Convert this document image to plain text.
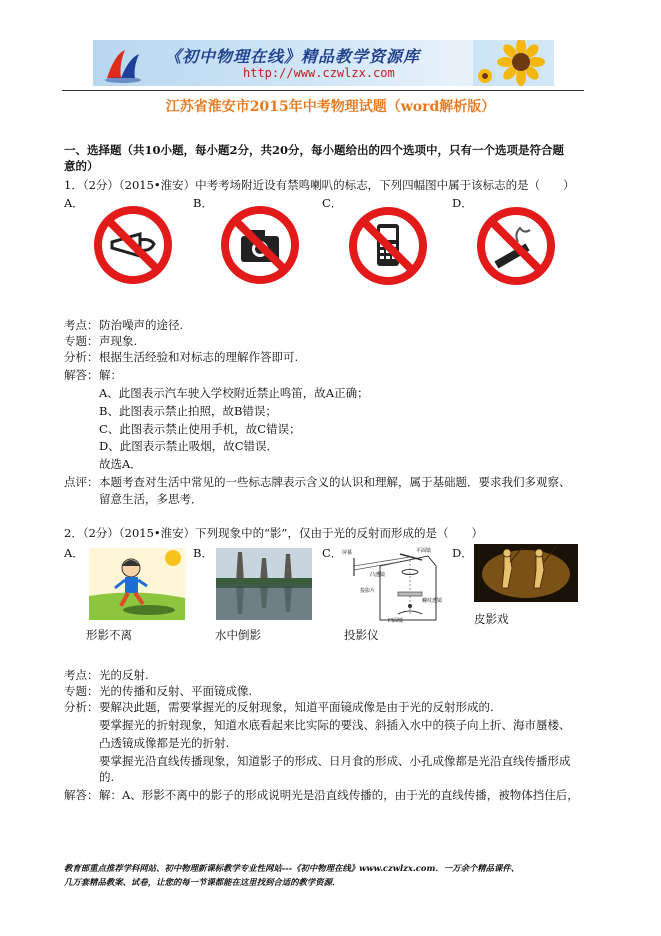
《初中物理在线》精品教学资源库
http://www.czwlzx.com
江苏省淮安市2015年中考物理试题（word解析版）
一、选择题（共10小题，每小题2分，共20分，每小题给出的四个选项中，只有一个选项是符合题
意的）
1．（2分）（2015•淮安）中考考场附近设有禁鸣喇叭的标志，下列四幅图中属于该标志的是（　　）
A．	B．	C．	D．
考点： 防治噪声的途径.
专题： 声现象.
分析： 根据生活经验和对标志的理解作答即可.
解答： 解：
A、此图表示汽车驶入学校附近禁止鸣笛，故A正确；
B、此图表示禁止拍照，故B错误；
C、此图表示禁止使用手机，故C错误；
D、此图表示禁止吸烟，故C错误．
故选A．
点评： 本题考查对生活中常见的一些标志牌表示含义的认识和理解，属于基础题．要求我们多观察、
留意生活，多思考．
2．（2分）（2015•淮安）下列现象中的“影”，仅由于光的反射而形成的是（　　）
A．	B．	C．	D．
屏幕	平面镜
凸透镜
投影片
凹面镜
螺纹透镜
形影不离	水中倒影	投影仪
皮影戏
考点： 光的反射.
专题： 光的传播和反射、平面镜成像.
分析： 要解决此题，需要掌握光的反射现象，知道平面镜成像是由于光的反射形成的.
要掌握光的折射现象，知道水底看起来比实际的要浅、斜插入水中的筷子向上折、海市蜃楼、
凸透镜成像都是光的折射.
要掌握光沿直线传播现象，知道影子的形成、日月食的形成、小孔成像都是光沿直线传播形成
的.
解答： 解：A、形影不离中的影子的形成说明光是沿直线传播的，由于光的直线传播，被物体挡住后，
教育部重点推荐学科网站、初中物理新课标教学专业性网站---《初中物理在线》www.czwlzx.com．一万余个精品课件、
几万套精品教案、试卷，让您的每一节课都能在这里找到合适的教学资源．
